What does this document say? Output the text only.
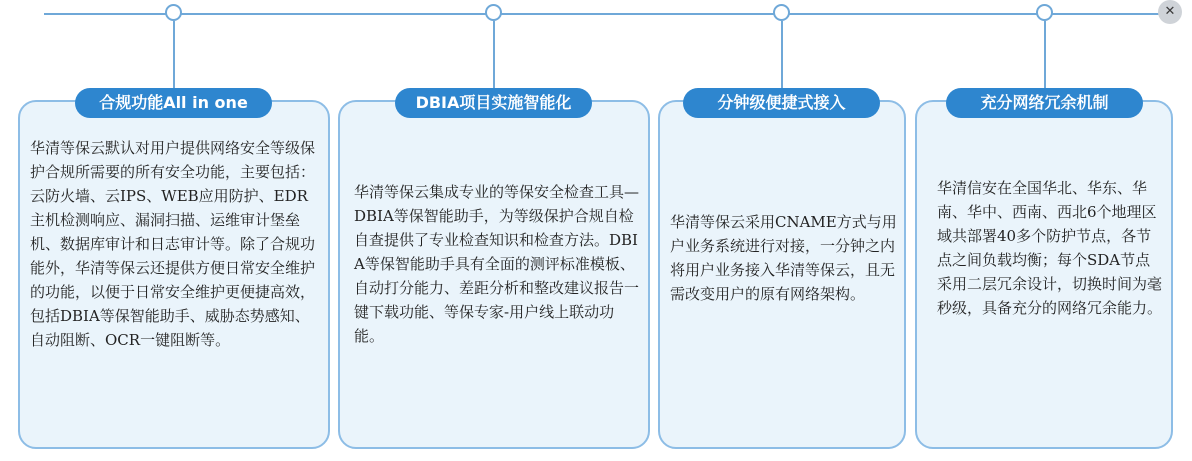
华清等保云默认对用户提供网络安全等级保护合规所需要的所有安全功能，主要包括：云防火墙、云IPS、WEB应用防护、EDR主机检测响应、漏洞扫描、运维审计堡垒机、数据库审计和日志审计等。除了合规功能外，华清等保云还提供方便日常安全维护的功能，以便于日常安全维护更便捷高效，包括DBIA等保智能助手、威胁态势感知、自动阻断、OCR一键阻断等。
合规功能All in one
华清等保云集成专业的等保安全检查工具—DBIA等保智能助手，为等级保护合规自检自查提供了专业检查知识和检查方法。DBIA等保智能助手具有全面的测评标准模板、自动打分能力、差距分析和整改建议报告一键下载功能、等保专家-用户线上联动功能。
DBIA项目实施智能化
华清等保云采用CNAME方式与用户业务系统进行对接，一分钟之内将用户业务接入华清等保云，且无需改变用户的原有网络架构。
分钟级便捷式接入
华清信安在全国华北、华东、华南、华中、西南、西北6个地理区域共部署40多个防护节点，各节点之间负载均衡；每个SDA节点采用二层冗余设计，切换时间为毫秒级，具备充分的网络冗余能力。
充分网络冗余机制
✕
